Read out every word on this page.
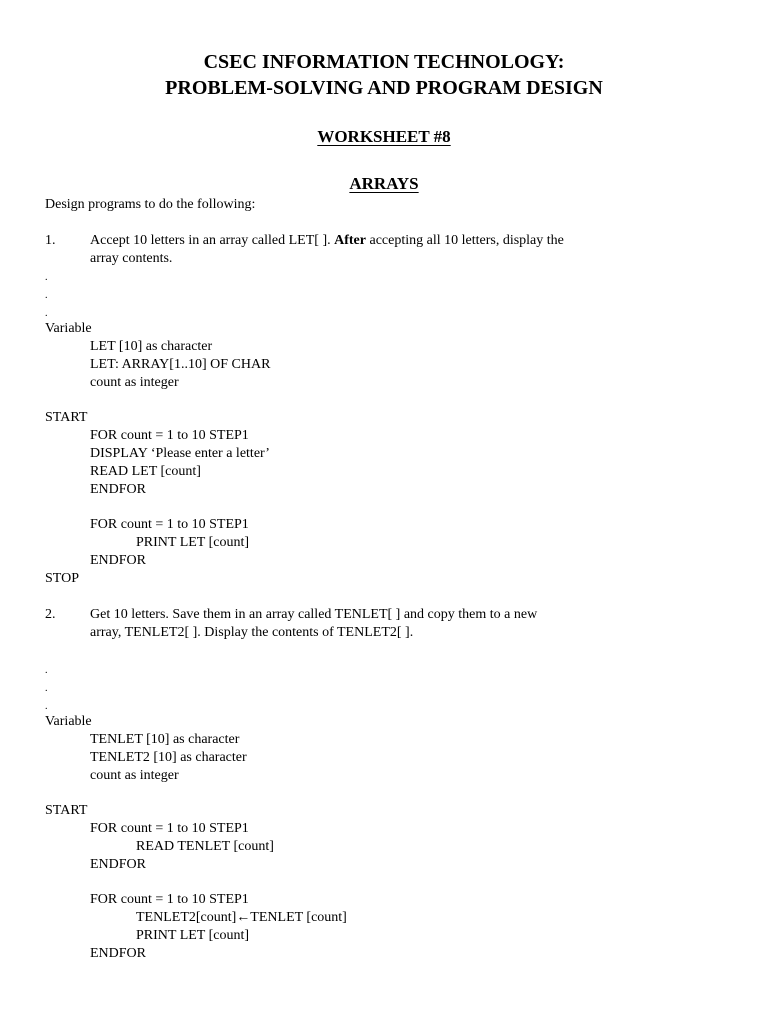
CSEC INFORMATION TECHNOLOGY:
PROBLEM-SOLVING AND PROGRAM DESIGN
WORKSHEET #8
ARRAYS
Design programs to do the following:
1. Accept 10 letters in an array called LET[ ]. After accepting all 10 letters, display the
array contents.
.
.
.
Variable
LET [10] as character
LET: ARRAY[1..10] OF CHAR
count as integer
START
FOR count = 1 to 10 STEP1
DISPLAY ‘Please enter a letter’
READ LET [count]
ENDFOR
FOR count = 1 to 10 STEP1
PRINT LET [count]
ENDFOR
STOP
2. Get 10 letters. Save them in an array called TENLET[ ] and copy them to a new
array, TENLET2[ ]. Display the contents of TENLET2[ ].
.
.
.
Variable
TENLET [10] as character
TENLET2 [10] as character
count as integer
START
FOR count = 1 to 10 STEP1
READ TENLET [count]
ENDFOR
FOR count = 1 to 10 STEP1
TENLET2[count]←TENLET [count]
PRINT LET [count]
ENDFOR
